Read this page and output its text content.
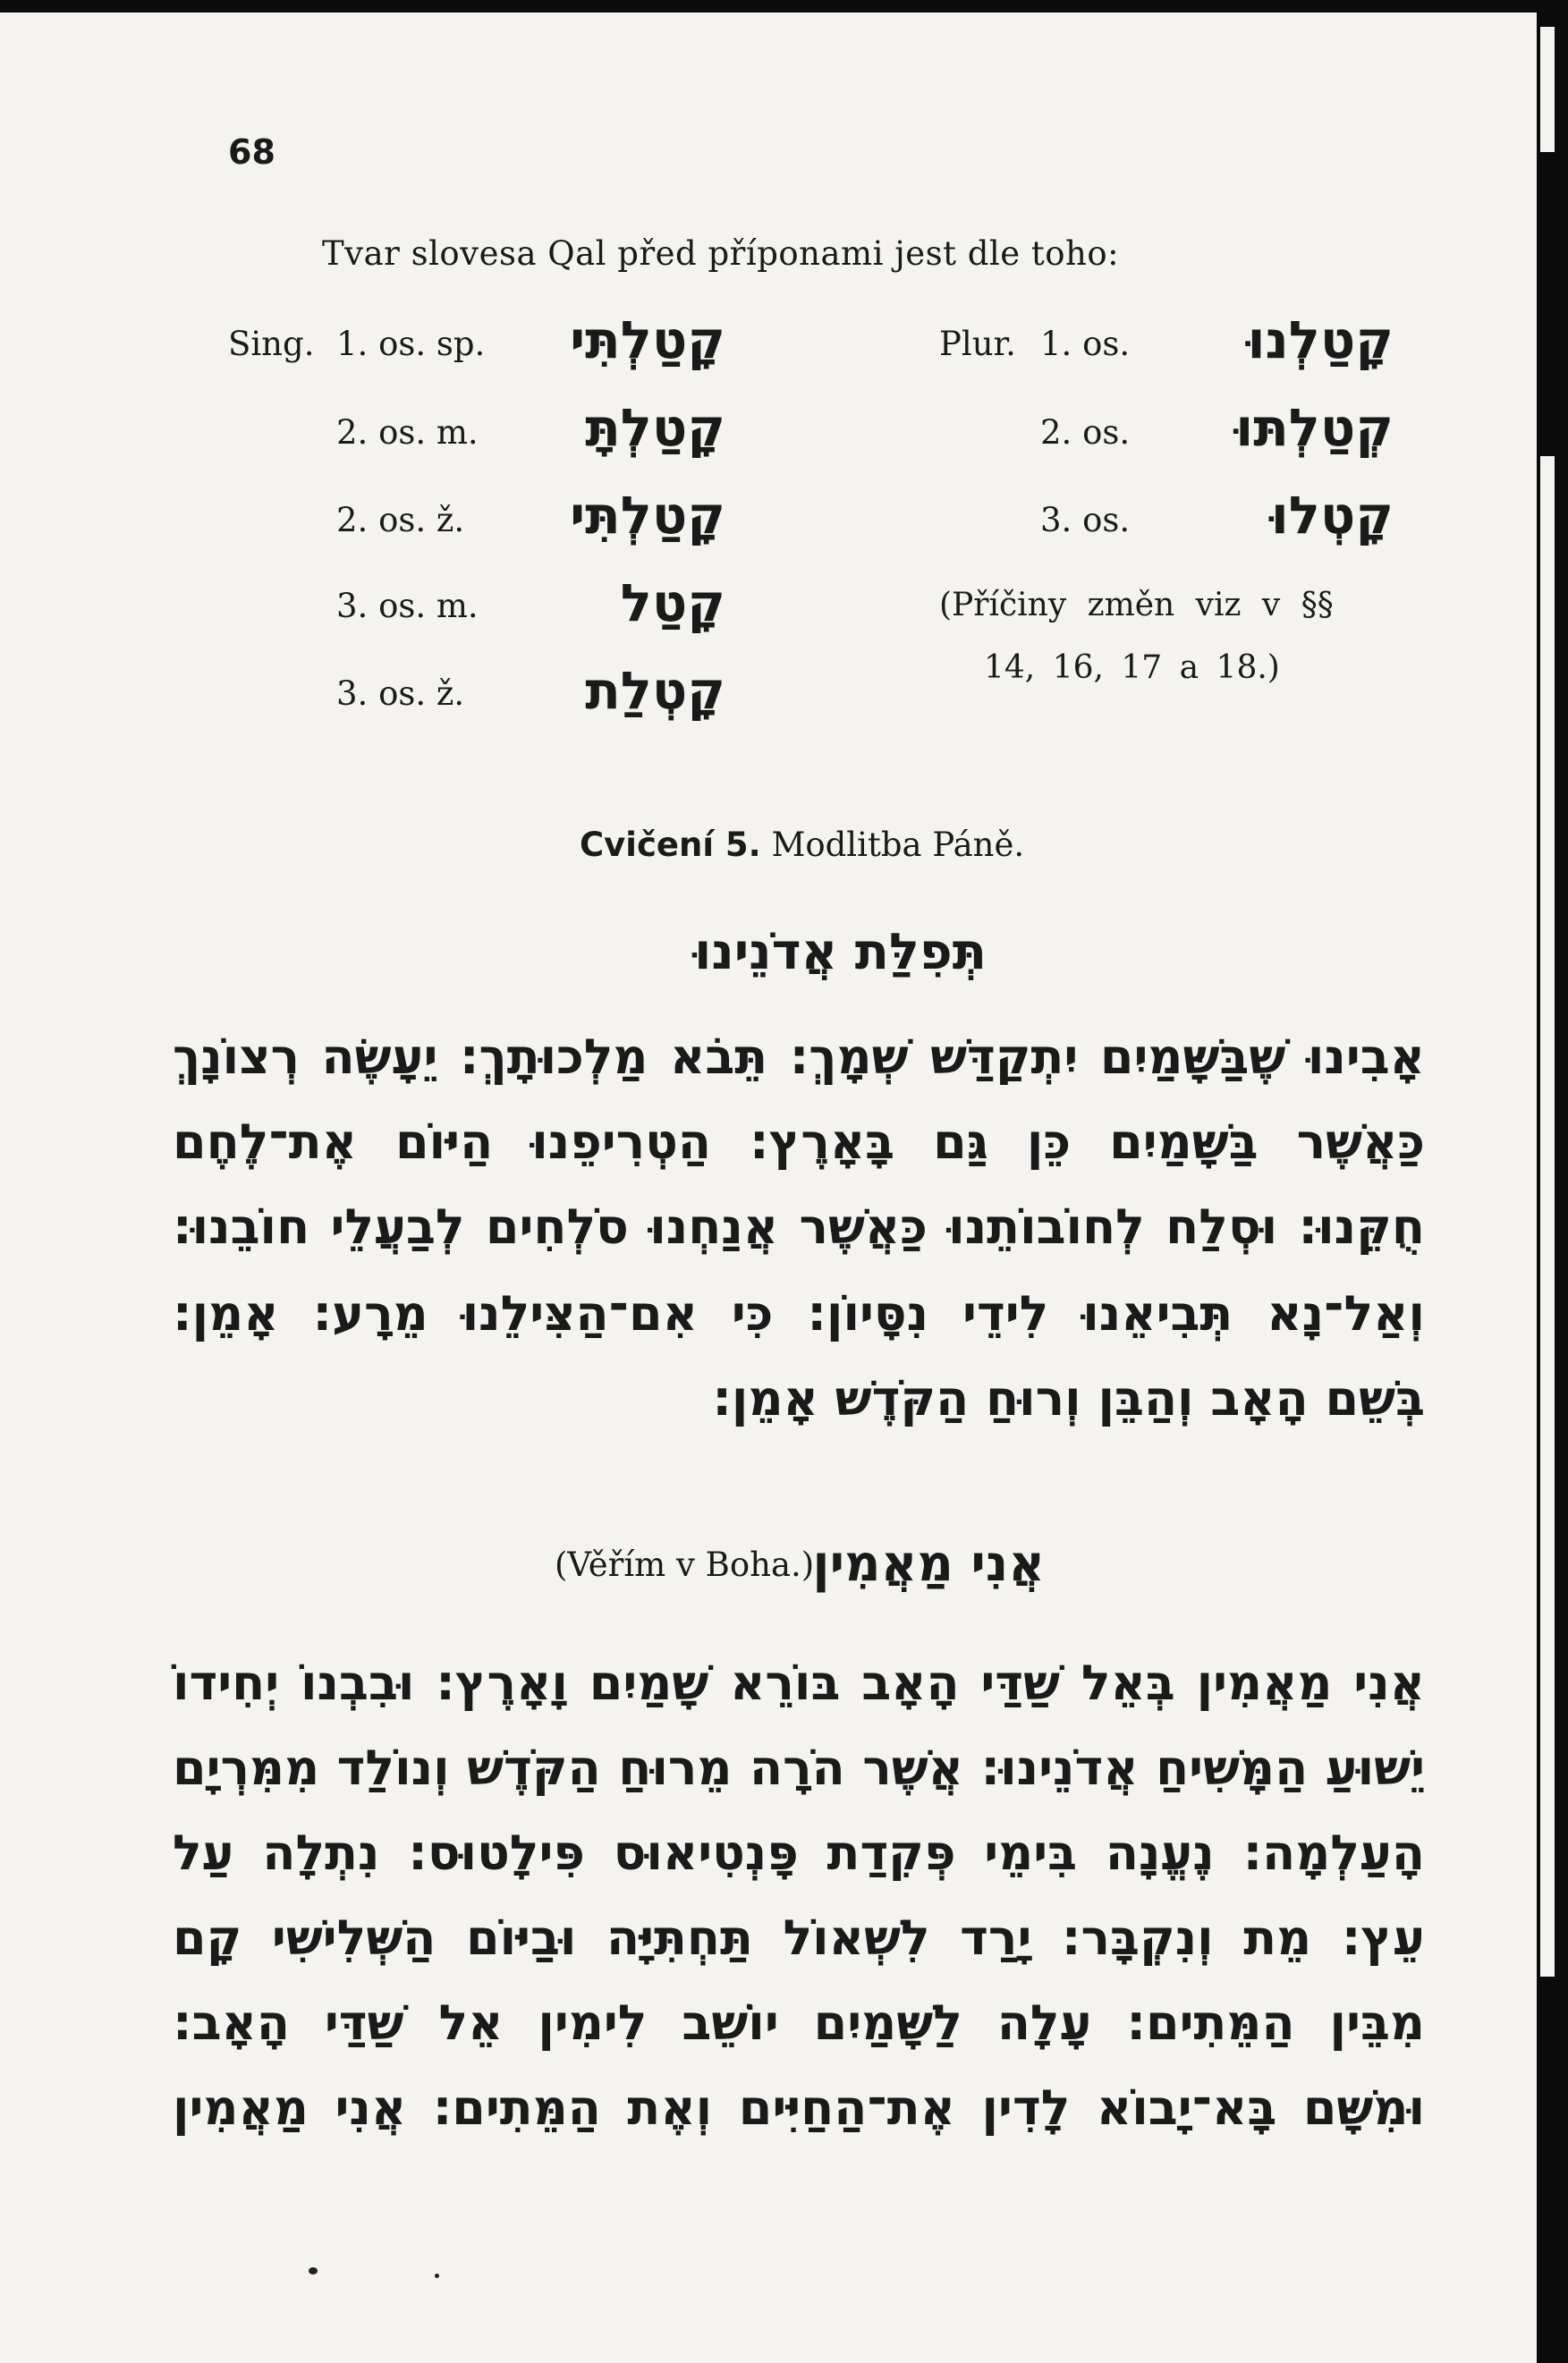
68
Tvar slovesa Qal před příponami jest dle toho:
Sing. 1. os. sp.
2. os. m.
2. os. ž.
3. os. m.
3. os. ž.
קָטַלְתִּי
קָטַלְתָּ
קָטַלְתִּי
קָטַל
קָטְלַת
Plur. 1. os.
2. os.
3. os.
קָטַלְנוּ
קְטַלְתּוּ
קָטְלוּ
(Příčiny změn viz v §§
14, 16, 17 a 18.)
Cvičení 5. Modlitba Páně.
תְּפִלַּת אֲדֹנֵינוּ
אָבִינוּ שֶׁבַּשָּׁמַיִם יִתְקַדַּשׁ שְׁמָךְ: תֵּבֹא מַלְכוּתָךְ: יֵעָשֶׂה רְצוֹנָךְ
כַּאֲשֶׁר בַּשָּׁמַיִם כֵּן גַּם בָּאָרֶץ: הַטְרִיפֵנוּ הַיּוֹם אֶת־לֶחֶם
חֻקֵּנוּ: וּסְלַח לְחוֹבוֹתֵנוּ כַּאֲשֶׁר אֲנַחְנוּ סֹלְחִים לְבַעֲלֵי חוֹבֵנוּ:
וְאַל־נָא תְּבִיאֵנוּ לִידֵי נִסָּיוֹן: כִּי אִם־הַצִּילֵנוּ מֵרָע: אָמֵן:
בְּשֵׁם הָאָב וְהַבֵּן וְרוּחַ הַקֹּדֶשׁ אָמֵן:
(Věřím v Boha.)
אֲנִי מַאֲמִין
אֲנִי מַאֲמִין בְּאֵל שַׁדַּי הָאָב בּוֹרֵא שָׁמַיִם וָאָרֶץ: וּבִבְנוֹ יְחִידוֹ
יֵשׁוּעַ הַמָּשִׁיחַ אֲדֹנֵינוּ: אֲשֶׁר הֹרָה מֵרוּחַ הַקֹּדֶשׁ וְנוֹלַד מִמִּרְיָם
הָעַלְמָה: נֶעֱנָה בִּימֵי פְּקִדַת פָּנְטִיאוּס פִּילָטוּס: נִתְלָה עַל
עֵץ: מֵת וְנִקְבָּר: יָרַד לִשְׁאוֹל תַּחְתִּיָּה וּבַיּוֹם הַשְּׁלִישִׁי קָם
מִבֵּין הַמֵּתִים: עָלָה לַשָּׁמַיִם יוֹשֵׁב לִימִין אֵל שַׁדַּי הָאָב:
וּמִשָּׁם בָּא־יָבוֹא לָדִין אֶת־הַחַיִּים וְאֶת הַמֵּתִים: אֲנִי מַאֲמִין
